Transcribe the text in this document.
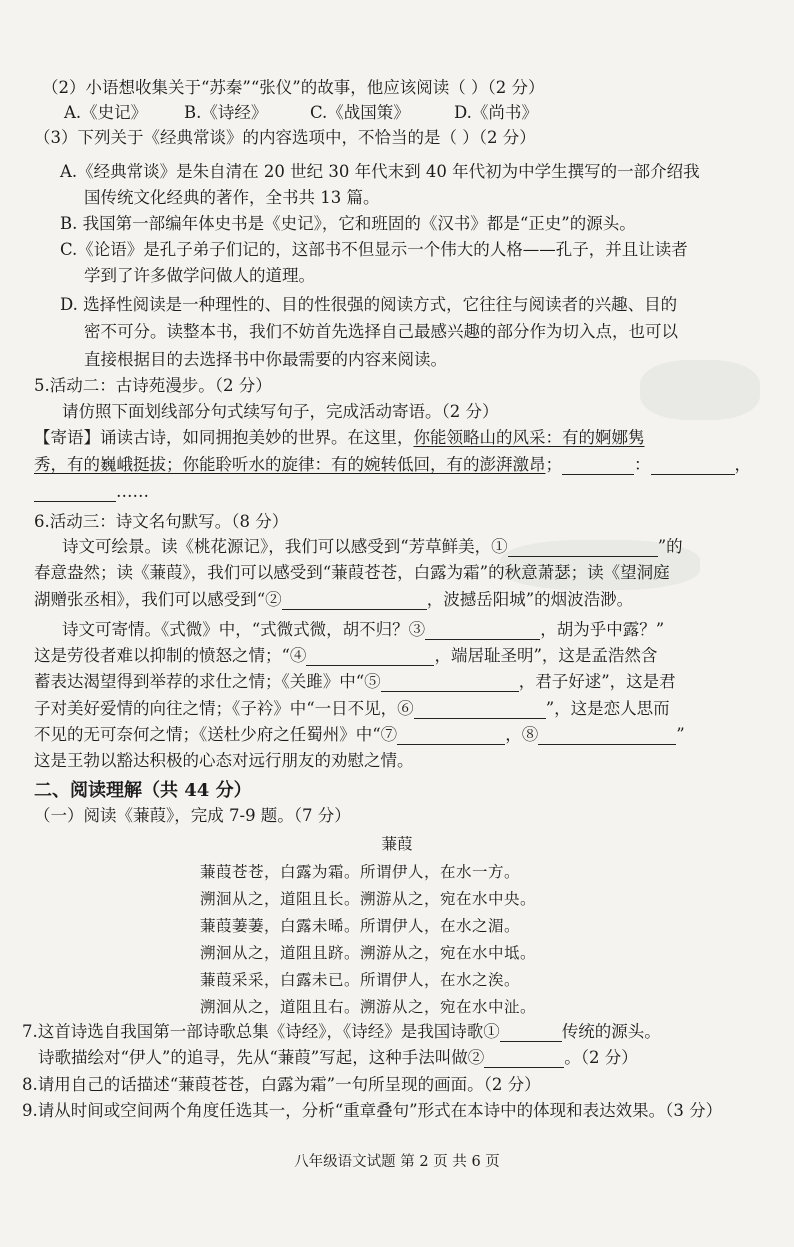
（2）小语想收集关于“苏秦”“张仪”的故事，他应该阅读（ ）（2 分）
A.《史记》 B.《诗经》	C.《战国策》	D.《尚书》
（3）下列关于《经典常谈》的内容选项中，不恰当的是（ ）（2 分）
A.《经典常谈》是朱自清在 20 世纪 30 年代末到 40 年代初为中学生撰写的一部介绍我
国传统文化经典的著作，全书共 13 篇。
B. 我国第一部编年体史书是《史记》，它和班固的《汉书》都是“正史”的源头。
C.《论语》是孔子弟子们记的，这部书不但显示一个伟大的人格——孔子，并且让读者
学到了许多做学问做人的道理。
D. 选择性阅读是一种理性的、目的性很强的阅读方式，它往往与阅读者的兴趣、目的
密不可分。读整本书，我们不妨首先选择自己最感兴趣的部分作为切入点，也可以
直接根据目的去选择书中你最需要的内容来阅读。
5.活动二：古诗苑漫步。（2 分）
请仿照下面划线部分句式续写句子，完成活动寄语。（2 分）
【寄语】诵读古诗，如同拥抱美妙的世界。在这里，你能领略山的风采：有的婀娜隽
秀，有的巍峨挺拔；你能聆听水的旋律：有的婉转低回，有的澎湃激昂；	：	，
……
6.活动三：诗文名句默写。（8 分）
诗文可绘景。读《桃花源记》，我们可以感受到“芳草鲜美，①	”的
春意盎然；读《蒹葭》，我们可以感受到“蒹葭苍苍，白露为霜”的秋意萧瑟；读《望洞庭
湖赠张丞相》，我们可以感受到“②	，波撼岳阳城”的烟波浩渺。
诗文可寄情。《式微》中，“式微式微，胡不归？③	，胡为乎中露？”
这是劳役者难以抑制的愤怒之情；“④	，端居耻圣明”，这是孟浩然含
蓄表达渴望得到举荐的求仕之情；《关雎》中“⑤	，君子好逑”，这是君
子对美好爱情的向往之情；《子衿》中“一日不见，⑥	”，这是恋人思而
不见的无可奈何之情；《送杜少府之任蜀州》中“⑦	，⑧	”
这是王勃以豁达积极的心态对远行朋友的劝慰之情。
二、阅读理解（共 44 分）
（一）阅读《蒹葭》，完成 7-9 题。（7 分）
蒹葭
蒹葭苍苍，白露为霜。所谓伊人，在水一方。
溯洄从之，道阻且长。溯游从之，宛在水中央。
蒹葭萋萋，白露未晞。所谓伊人，在水之湄。
溯洄从之，道阻且跻。溯游从之，宛在水中坻。
蒹葭采采，白露未已。所谓伊人，在水之涘。
溯洄从之，道阻且右。溯游从之，宛在水中沚。
7.这首诗选自我国第一部诗歌总集《诗经》，《诗经》是我国诗歌①	传统的源头。
诗歌描绘对“伊人”的追寻，先从“蒹葭”写起，这种手法叫做②	。（2 分）
8.请用自己的话描述“蒹葭苍苍，白露为霜”一句所呈现的画面。（2 分）
9.请从时间或空间两个角度任选其一，分析“重章叠句”形式在本诗中的体现和表达效果。（3 分）
八年级语文试题 第 2 页 共 6 页
